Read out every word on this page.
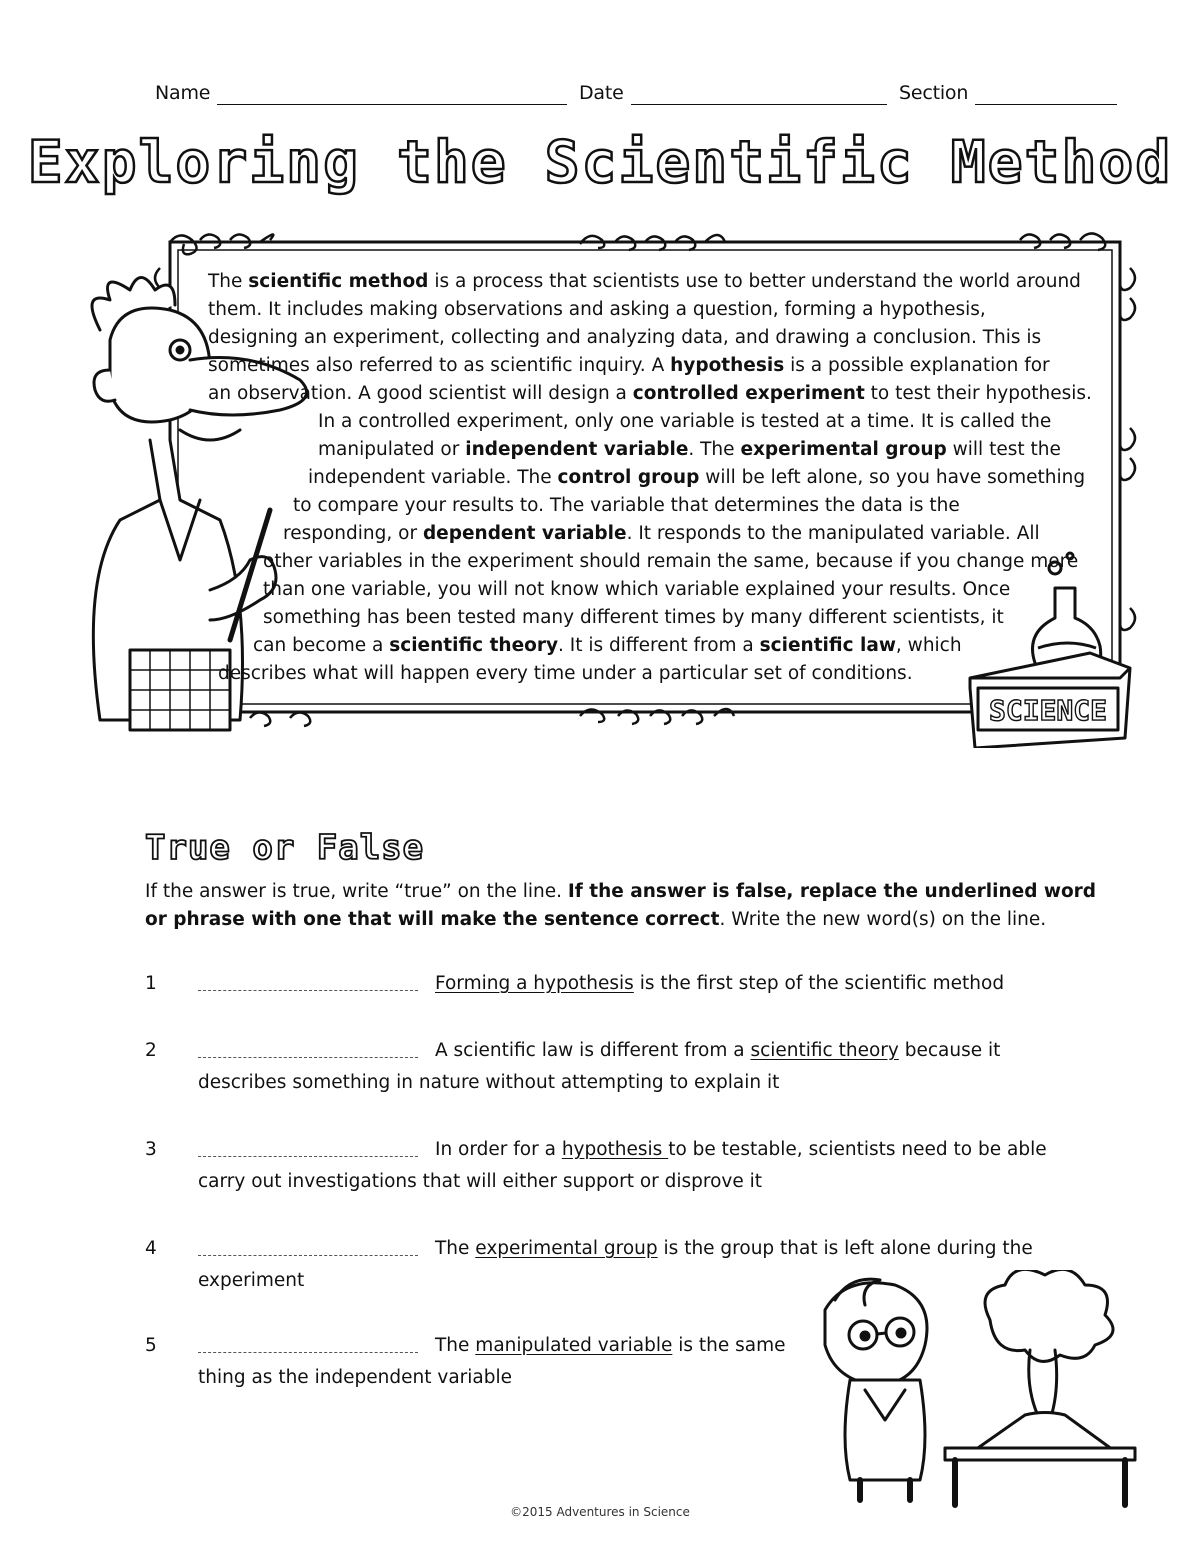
Name	Date	Section
Exploring the Scientific Method
SCIENCE
The scientific method is a process that scientists use to better understand the world around
them. It includes making observations and asking a question, forming a hypothesis,
designing an experiment, collecting and analyzing data, and drawing a conclusion. This is
sometimes also referred to as scientific inquiry. A hypothesis is a possible explanation for
an observation. A good scientist will design a controlled experiment to test their hypothesis.
In a controlled experiment, only one variable is tested at a time. It is called the
manipulated or independent variable. The experimental group will test the
independent variable. The control group will be left alone, so you have something
to compare your results to. The variable that determines the data is the
responding, or dependent variable. It responds to the manipulated variable. All
other variables in the experiment should remain the same, because if you change more
than one variable, you will not know which variable explained your results. Once
something has been tested many different times by many different scientists, it
can become a scientific theory. It is different from a scientific law, which
describes what will happen every time under a particular set of conditions.
True or False
If the answer is true, write “true” on the line. If the answer is false, replace the underlined word or phrase with one that will make the sentence correct. Write the new word(s) on the line.
1	Forming a hypothesis is the first step of the scientific method
2	A scientific law is different from a scientific theory because it
describes something in nature without attempting to explain it
3	In order for a hypothesis to be testable, scientists need to be able
carry out investigations that will either support or disprove it
4	The experimental group is the group that is left alone during the
experiment
5	The manipulated variable is the same
thing as the independent variable
©2015 Adventures in Science
